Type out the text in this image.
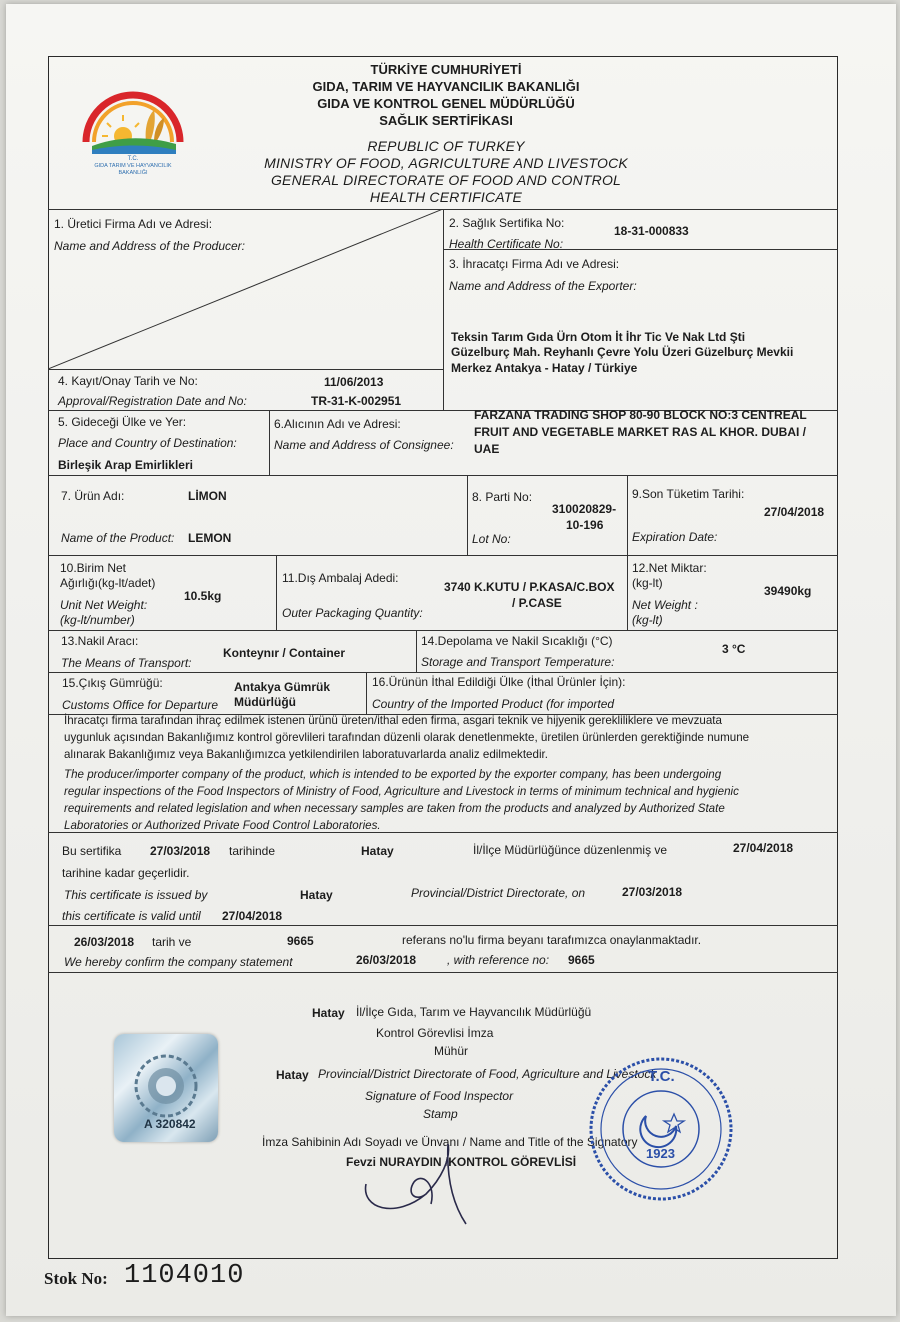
T.C.
GIDA TARIM VE HAYVANCILIK
BAKANLIĞI
TÜRKİYE CUMHURİYETİ
GIDA, TARIM VE HAYVANCILIK BAKANLIĞI
GIDA VE KONTROL GENEL MÜDÜRLÜĞÜ
SAĞLIK SERTİFİKASI
REPUBLIC OF TURKEY
MINISTRY OF FOOD, AGRICULTURE AND LIVESTOCK
GENERAL DIRECTORATE OF FOOD AND CONTROL
HEALTH CERTIFICATE
1. Üretici Firma Adı ve Adresi:
Name and Address of the Producer:
2. Sağlık Sertifika No:
Health Certificate No:
18-31-000833
3. İhracatçı Firma Adı ve Adresi:
Name and Address of the Exporter:
Teksin Tarım Gıda Ürn Otom İt İhr Tic Ve Nak Ltd Şti
Güzelburç Mah. Reyhanlı Çevre Yolu Üzeri Güzelburç Mevkii
Merkez Antakya - Hatay / Türkiye
4. Kayıt/Onay Tarih ve No:
Approval/Registration Date and No:
11/06/2013
TR-31-K-002951
5. Gideceği Ülke ve Yer:
Place and Country of Destination:
Birleşik Arap Emirlikleri
6.Alıcının Adı ve Adresi:
Name and Address of Consignee:
FARZANA TRADING SHOP 80-90 BLOCK NO:3 CENTREAL
FRUIT AND VEGETABLE MARKET RAS AL KHOR. DUBAI /
UAE
7. Ürün Adı:	LİMON
Name of the Product: LEMON
8. Parti No:
Lot No:
310020829-
10-196
9.Son Tüketim Tarihi:
27/04/2018
Expiration Date:
10.Birim Net
Ağırlığı(kg-lt/adet)
10.5kg
Unit Net Weight:
(kg-lt/number)
11.Dış Ambalaj Adedi:
Outer Packaging Quantity:
3740 K.KUTU / P.KASA/C.BOX
/ P.CASE
12.Net Miktar:
(kg-lt)
39490kg
Net Weight :
(kg-lt)
13.Nakil Aracı:
The Means of Transport:
Konteynır / Container
14.Depolama ve Nakil Sıcaklığı (°C)
Storage and Transport Temperature:
3 °C
15.Çıkış Gümrüğü:
Customs Office for Departure
Antakya Gümrük
Müdürlüğü
16.Ürünün İthal Edildiği Ülke (İthal Ürünler İçin):
Country of the Imported Product (for imported
İhracatçı firma tarafından ihraç edilmek istenen ürünü üreten/ithal eden firma, asgari teknik ve hijyenik gerekliliklere ve mevzuata
uygunluk açısından Bakanlığımız kontrol görevlileri tarafından düzenli olarak denetlenmekte, üretilen ürünlerden gerektiğinde numune
alınarak Bakanlığımız veya Bakanlığımızca yetkilendirilen laboratuvarlarda analiz edilmektedir.
The producer/importer company of the product, which is intended to be exported by the exporter company, has been undergoing
regular inspections of the Food Inspectors of Ministry of Food, Agriculture and Livestock in terms of minimum technical and hygienic
requirements and related legislation and when necessary samples are taken from the products and analyzed by Authorized State
Laboratories or Authorized Private Food Control Laboratories.
Bu sertifika 27/03/2018 tarihinde	Hatay	İl/İlçe Müdürlüğünce düzenlenmiş ve	27/04/2018
tarihine kadar geçerlidir.
This certificate is issued by	Hatay	Provincial/District Directorate, on	27/03/2018
this certificate is valid until 27/04/2018
26/03/2018 tarih ve	9665	referans no'lu firma beyanı tarafımızca onaylanmaktadır.
We hereby confirm the company statement	26/03/2018	, with reference no: 9665
Hatay İl/İlçe Gıda, Tarım ve Hayvancılık Müdürlüğü
Kontrol Görevlisi İmza
Mühür
Hatay Provincial/District Directorate of Food, Agriculture and Livestock
Signature of Food Inspector
Stamp
İmza Sahibinin Adı Soyadı ve Ünvanı / Name and Title of the Signatory
Fevzi NURAYDIN /KONTROL GÖREVLİSİ
A 320842
T.C.
1923
Stok No: 1104010
